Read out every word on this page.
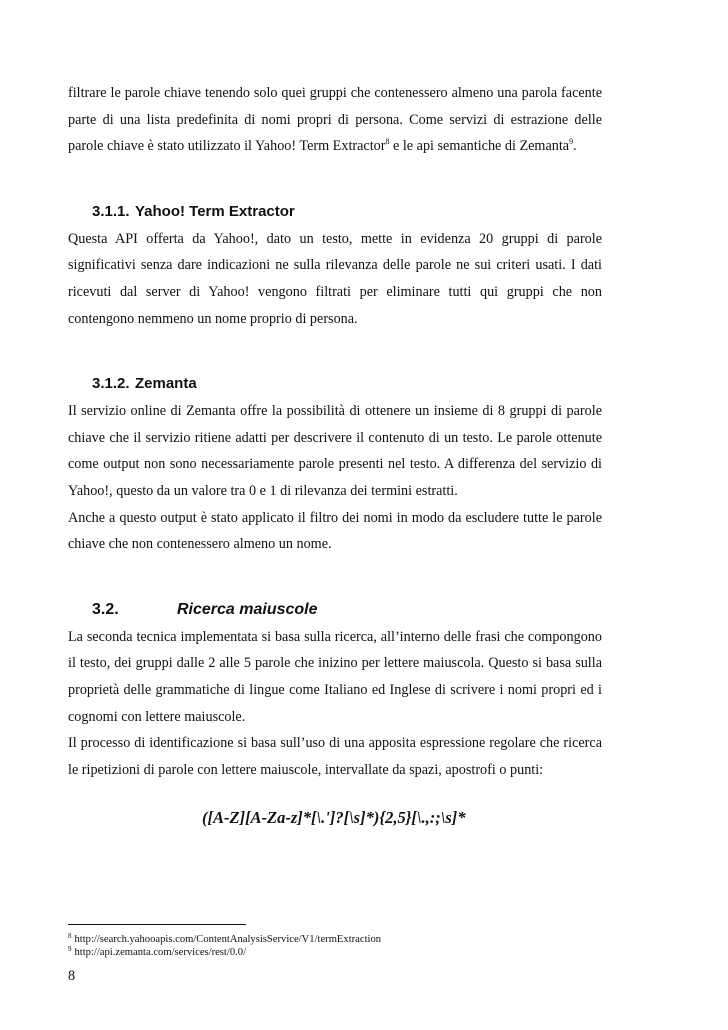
filtrare le parole chiave tenendo solo quei gruppi che contenessero almeno una parola facente parte di una lista predefinita di nomi propri di persona. Come servizi di estrazione delle parole chiave è stato utilizzato il Yahoo! Term Extractor$^8$ e le api semantiche di Zemanta$^9$.

3.1.1. Yahoo! Term Extractor

Questa API offerta da Yahoo!, dato un testo, mette in evidenza 20 gruppi di parole significativi senza dare indicazioni ne sulla rilevanza delle parole ne sui criteri usati. I dati ricevuti dal server di Yahoo! vengono filtrati per eliminare tutti qui gruppi che non contengono nemmeno un nome proprio di persona.

3.1.2. Zemanta

Il servizio online di Zemanta offre la possibilità di ottenere un insieme di 8 gruppi di parole chiave che il servizio ritiene adatti per descrivere il contenuto di un testo. Le parole ottenute come output non sono necessariamente parole presenti nel testo. A differenza del servizio di Yahoo!, questo da un valore tra 0 e 1 di rilevanza dei termini estratti.

Anche a questo output è stato applicato il filtro dei nomi in modo da escludere tutte le parole chiave che non contenessero almeno un nome.

3.2.	Ricerca maiuscole

La seconda tecnica implementata si basa sulla ricerca, all’interno delle frasi che compongono il testo, dei gruppi dalle 2 alle 5 parole che inizino per lettere maiuscola. Questo si basa sulla proprietà delle grammatiche di lingue come Italiano ed Inglese di scrivere i nomi propri ed i cognomi con lettere maiuscole.

Il processo di identificazione si basa sull’uso di una apposita espressione regolare che ricerca le ripetizioni di parole con lettere maiuscole, intervallate da spazi, apostrofi o punti:

([A-Z][A-Za-z]*[\.']?[\s]*){2,5}[\.,:;\s]*

$^8$ http://search.yahooapis.com/ContentAnalysisService/V1/termExtraction

$^9$ http://api.zemanta.com/services/rest/0.0/

8
